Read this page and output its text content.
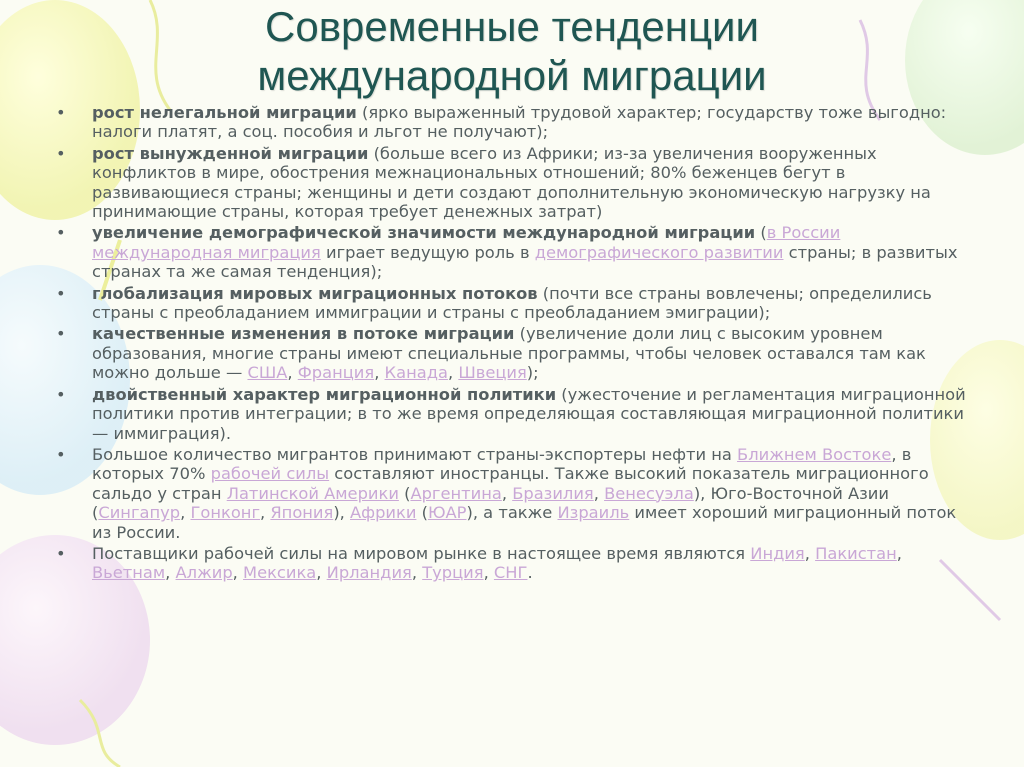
Современные тенденции
международной миграции
• рост нелегальной миграции (ярко выраженный трудовой характер; государству тоже выгодно: налоги платят, а соц. пособия и льгот не получают);
• рост вынужденной миграции (больше всего из Африки; из-за увеличения вооруженных конфликтов в мире, обострения межнациональных отношений; 80% беженцев бегут в развивающиеся страны; женщины и дети создают дополнительную экономическую нагрузку на принимающие страны, которая требует денежных затрат)
• увеличение демографической значимости международной миграции (в России международная миграция играет ведущую роль в демографического развитии страны; в развитых странах та же самая тенденция);
• глобализация мировых миграционных потоков (почти все страны вовлечены; определились страны с преобладанием иммиграции и страны с преобладанием эмиграции);
• качественные изменения в потоке миграции (увеличение доли лиц с высоким уровнем образования, многие страны имеют специальные программы, чтобы человек оставался там как можно дольше — США, Франция, Канада, Швеция);
• двойственный характер миграционной политики (ужесточение и регламентация миграционной политики против интеграции; в то же время определяющая составляющая миграционной политики — иммиграция).
• Большое количество мигрантов принимают страны-экспортеры нефти на Ближнем Востоке, в которых 70% рабочей силы составляют иностранцы. Также высокий показатель миграционного сальдо у стран Латинской Америки (Аргентина, Бразилия, Венесуэла), Юго-Восточной Азии (Сингапур, Гонконг, Япония), Африки (ЮАР), а также Израиль имеет хороший миграционный поток из России.
• Поставщики рабочей силы на мировом рынке в настоящее время являются Индия, Пакистан, Вьетнам, Алжир, Мексика, Ирландия, Турция, СНГ.
